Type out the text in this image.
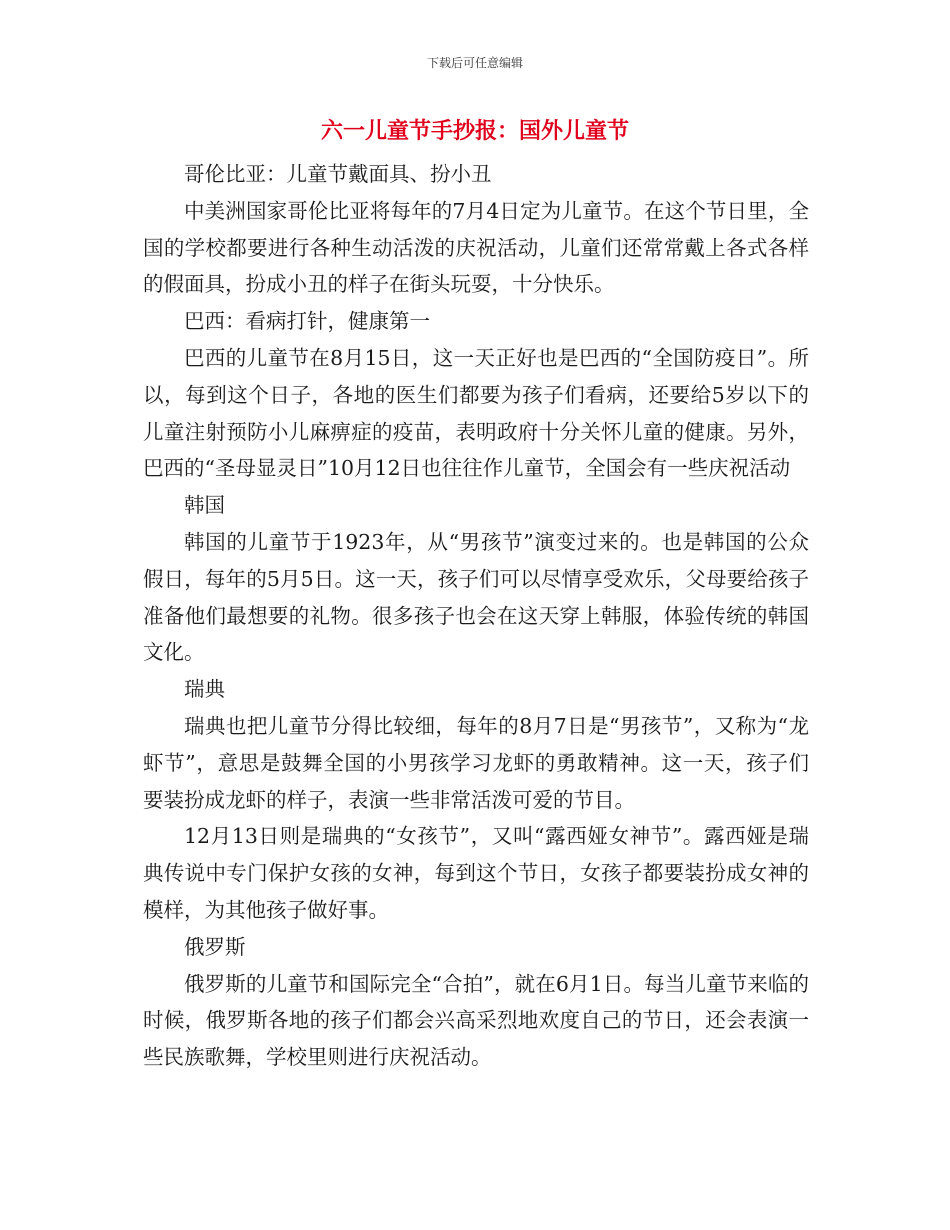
下载后可任意编辑
六一儿童节手抄报：国外儿童节

哥伦比亚：儿童节戴面具、扮小丑

中美洲国家哥伦比亚将每年的7月4日定为儿童节。在这个节日里，全国的学校都要进行各种生动活泼的庆祝活动，儿童们还常常戴上各式各样的假面具，扮成小丑的样子在街头玩耍，十分快乐。

巴西：看病打针，健康第一

巴西的儿童节在8月15日，这一天正好也是巴西的“全国防疫日”。所以，每到这个日子，各地的医生们都要为孩子们看病，还要给5岁以下的儿童注射预防小儿麻痹症的疫苗，表明政府十分关怀儿童的健康。另外，巴西的“圣母显灵日”10月12日也往往作儿童节，全国会有一些庆祝活动

韩国

韩国的儿童节于1923年，从“男孩节”演变过来的。也是韩国的公众假日，每年的5月5日。这一天，孩子们可以尽情享受欢乐，父母要给孩子准备他们最想要的礼物。很多孩子也会在这天穿上韩服，体验传统的韩国文化。

瑞典

瑞典也把儿童节分得比较细，每年的8月7日是“男孩节”，又称为“龙虾节”，意思是鼓舞全国的小男孩学习龙虾的勇敢精神。这一天，孩子们要装扮成龙虾的样子，表演一些非常活泼可爱的节目。

12月13日则是瑞典的“女孩节”，又叫“露西娅女神节”。露西娅是瑞典传说中专门保护女孩的女神，每到这个节日，女孩子都要装扮成女神的模样，为其他孩子做好事。

俄罗斯

俄罗斯的儿童节和国际完全“合拍”，就在6月1日。每当儿童节来临的时候，俄罗斯各地的孩子们都会兴高采烈地欢度自己的节日，还会表演一些民族歌舞，学校里则进行庆祝活动。
